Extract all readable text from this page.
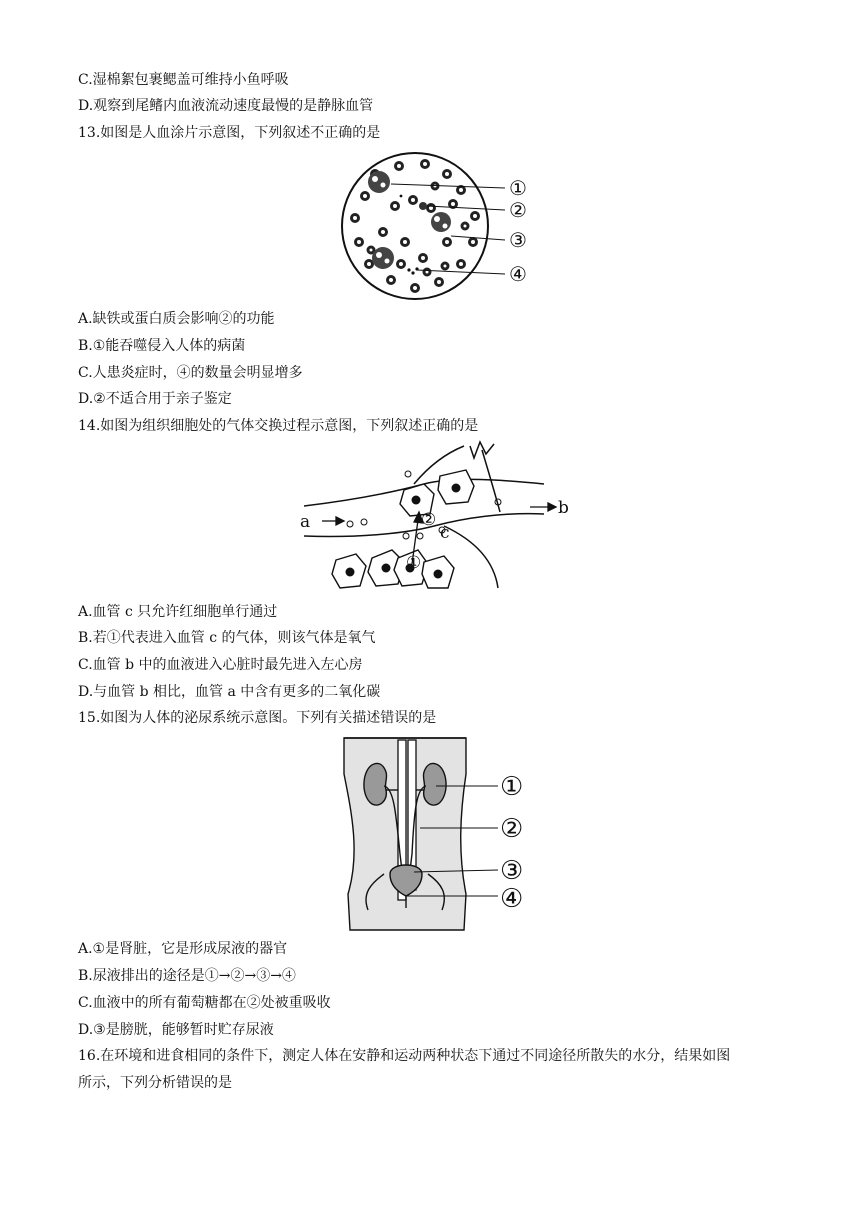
C.湿棉絮包裹鳃盖可维持小鱼呼吸
D.观察到尾鳍内血液流动速度最慢的是静脉血管
13.如图是人血涂片示意图，下列叙述不正确的是
①
②
③
④
A.缺铁或蛋白质会影响②的功能
B.①能吞噬侵入人体的病菌
C.人患炎症时，④的数量会明显增多
D.②不适合用于亲子鉴定
14.如图为组织细胞处的气体交换过程示意图，下列叙述正确的是
a
b
c
②
①
A.血管 c 只允许红细胞单行通过
B.若①代表进入血管 c 的气体，则该气体是氧气
C.血管 b 中的血液进入心脏时最先进入左心房
D.与血管 b 相比，血管 a 中含有更多的二氧化碳
15.如图为人体的泌尿系统示意图。下列有关描述错误的是
①
②
③
④
A.①是肾脏，它是形成尿液的器官
B.尿液排出的途径是①→②→③→④
C.血液中的所有葡萄糖都在②处被重吸收
D.③是膀胱，能够暂时贮存尿液
16.在环境和进食相同的条件下，测定人体在安静和运动两种状态下通过不同途径所散失的水分，结果如图
所示，下列分析错误的是
